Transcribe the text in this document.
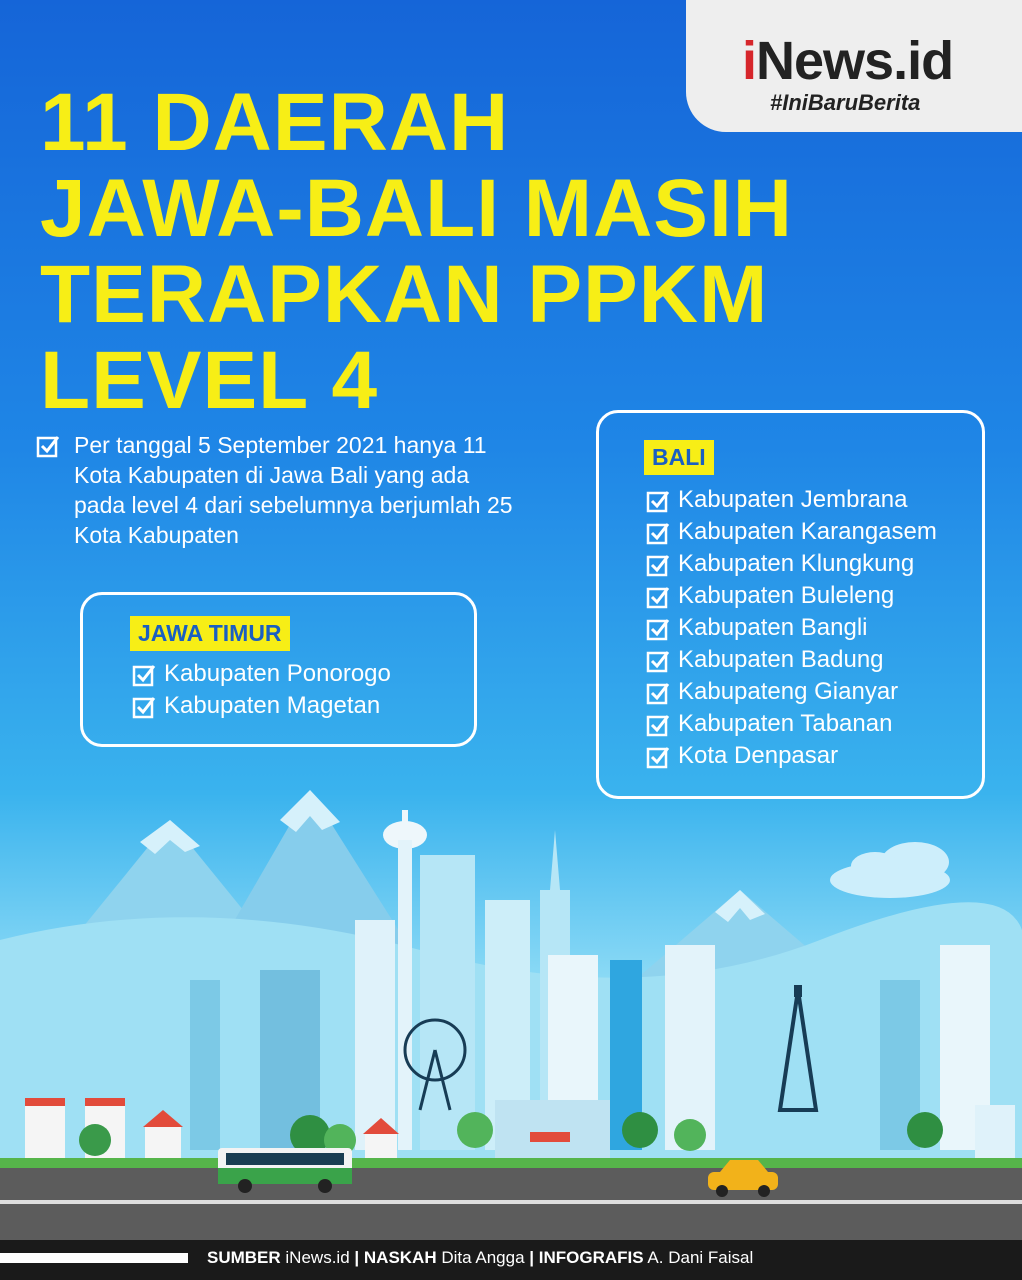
iNews.id
#IniBaruBerita
11 DAERAH
JAWA-BALI MASIH
TERAPKAN PPKM
LEVEL 4

Per tanggal 5 September 2021 hanya 11 Kota Kabupaten di Jawa Bali yang ada pada level 4 dari sebelumnya berjumlah 25 Kota Kabupaten

JAWA TIMUR
Kabupaten Ponorogo
Kabupaten Magetan
BALI
Kabupaten Jembrana
Kabupaten Karangasem
Kabupaten Klungkung
Kabupaten Buleleng
Kabupaten Bangli
Kabupaten Badung
Kabupateng Gianyar
Kabupaten Tabanan
Kota Denpasar
SUMBER iNews.id | NASKAH Dita Angga | INFOGRAFIS A. Dani Faisal
